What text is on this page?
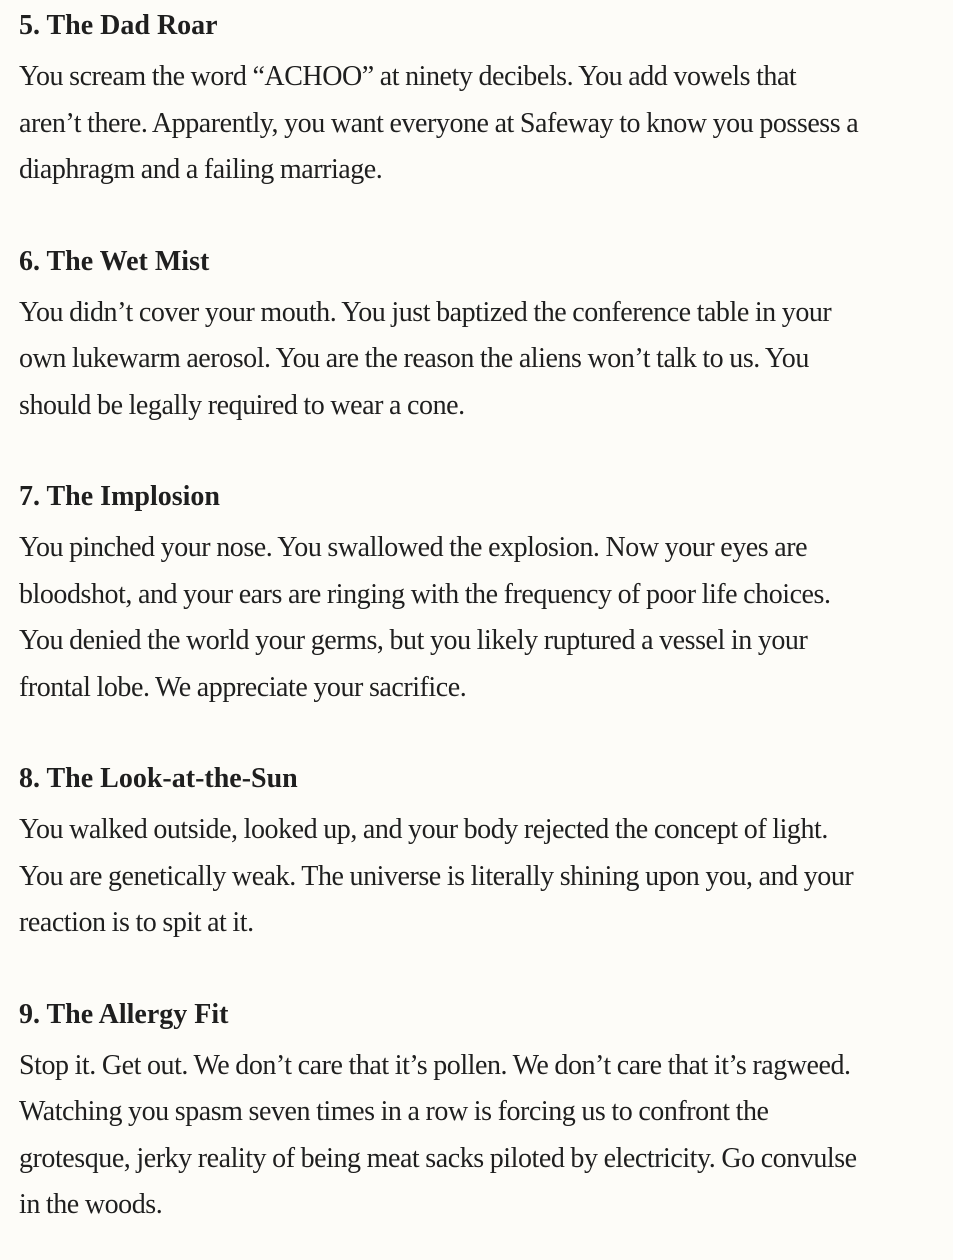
5. The Dad Roar

You scream the word “ACHOO” at ninety decibels. You add vowels that
aren’t there. Apparently, you want everyone at Safeway to know you possess a
diaphragm and a failing marriage.

6. The Wet Mist

You didn’t cover your mouth. You just baptized the conference table in your
own lukewarm aerosol. You are the reason the aliens won’t talk to us. You
should be legally required to wear a cone.

7. The Implosion

You pinched your nose. You swallowed the explosion. Now your eyes are
bloodshot, and your ears are ringing with the frequency of poor life choices.
You denied the world your germs, but you likely ruptured a vessel in your
frontal lobe. We appreciate your sacrifice.

8. The Look-at-the-Sun

You walked outside, looked up, and your body rejected the concept of light.
You are genetically weak. The universe is literally shining upon you, and your
reaction is to spit at it.

9. The Allergy Fit

Stop it. Get out. We don’t care that it’s pollen. We don’t care that it’s ragweed.
Watching you spasm seven times in a row is forcing us to confront the
grotesque, jerky reality of being meat sacks piloted by electricity. Go convulse
in the woods.
